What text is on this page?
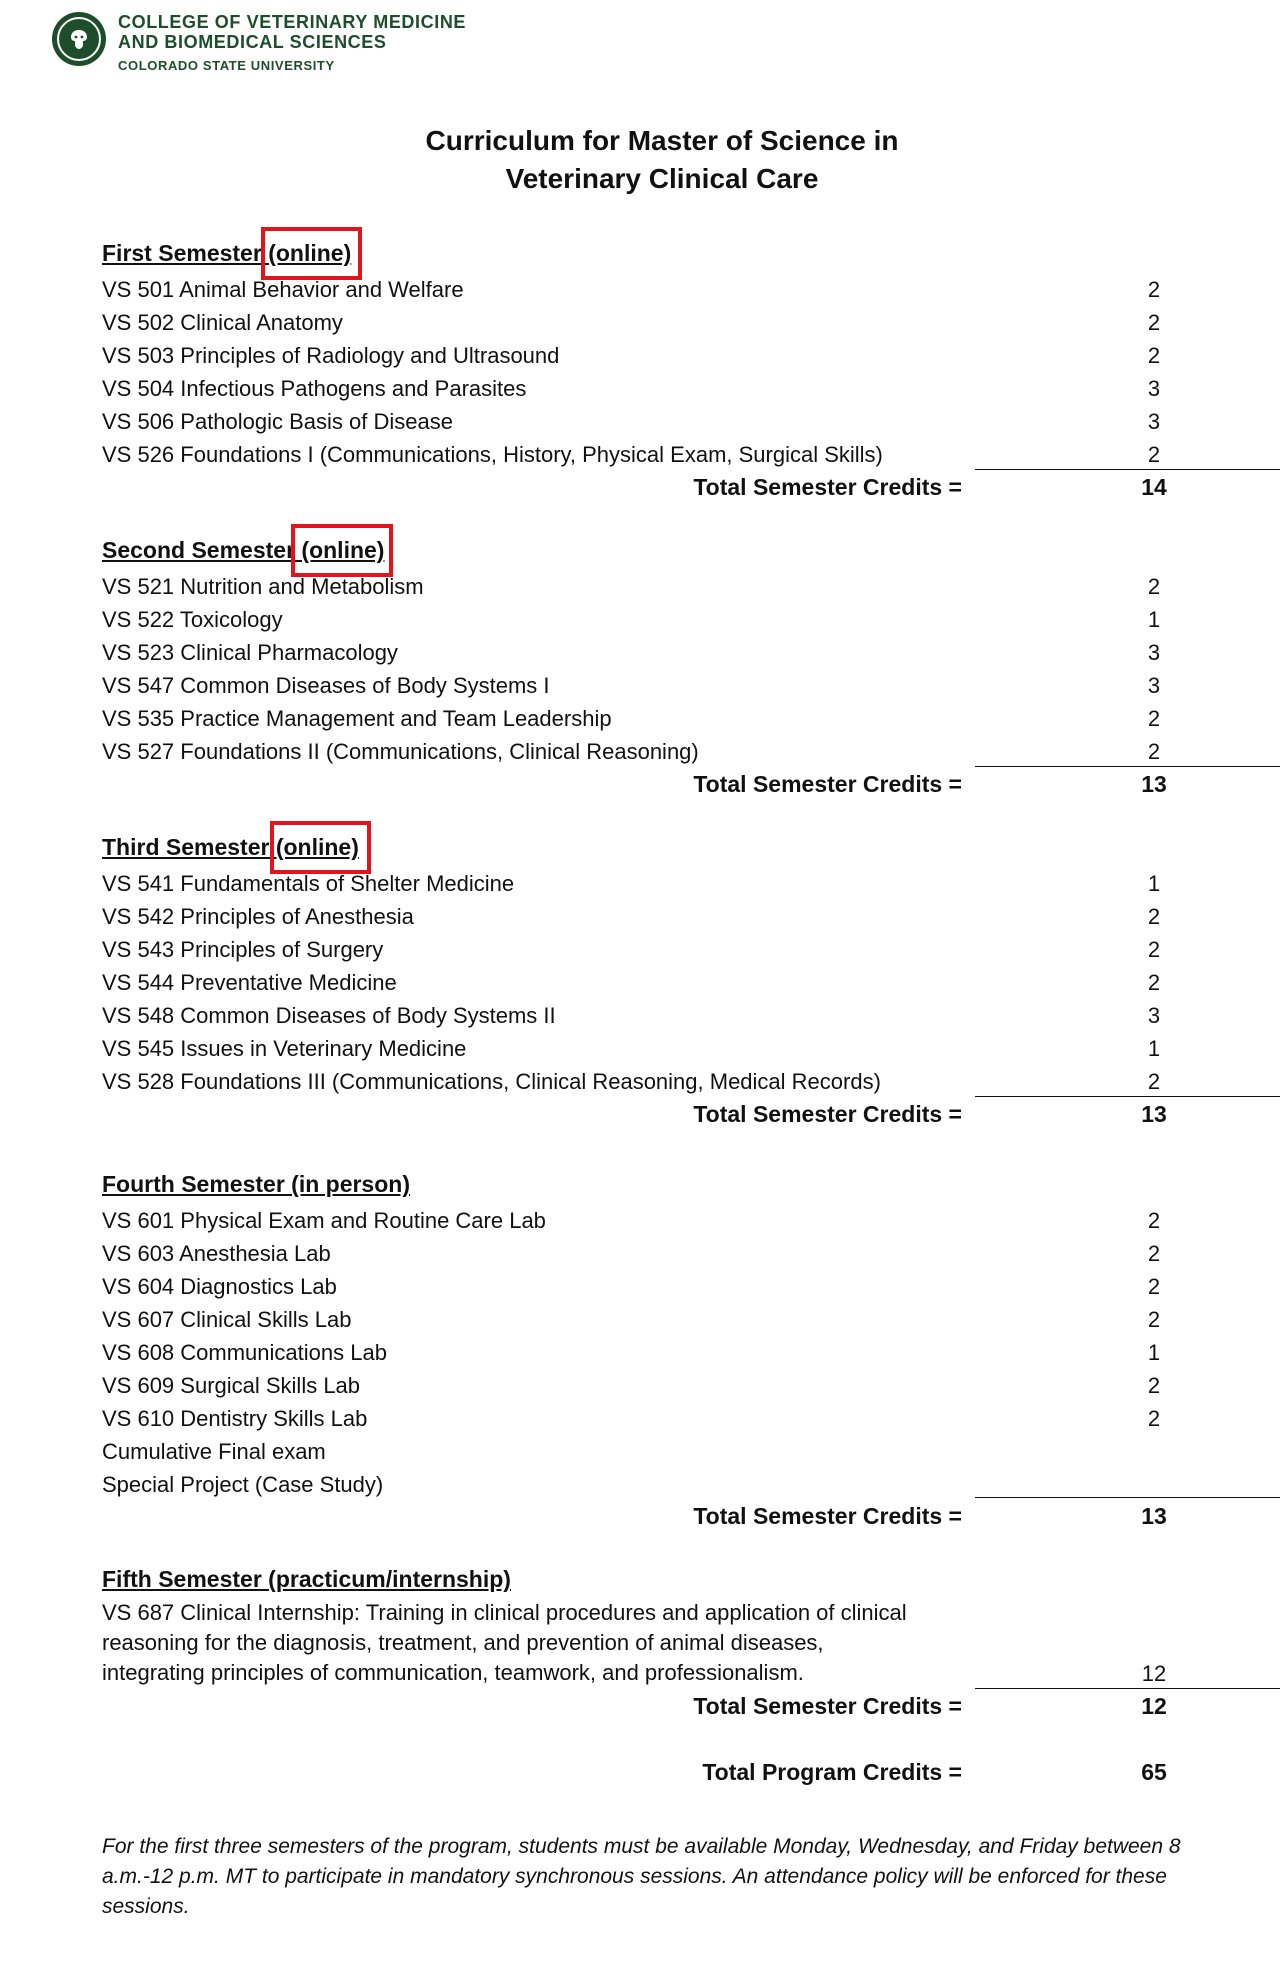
COLLEGE OF VETERINARY MEDICINE
AND BIOMEDICAL SCIENCES
COLORADO STATE UNIVERSITY
Curriculum for Master of Science in
Veterinary Clinical Care
First Semester (online)
VS 501 Animal Behavior and Welfare	2
VS 502 Clinical Anatomy	2
VS 503 Principles of Radiology and Ultrasound	2
VS 504 Infectious Pathogens and Parasites	3
VS 506 Pathologic Basis of Disease	3
VS 526 Foundations I (Communications, History, Physical Exam, Surgical Skills)	2
Total Semester Credits =	14
Second Semester (online)
VS 521 Nutrition and Metabolism	2
VS 522 Toxicology	1
VS 523 Clinical Pharmacology	3
VS 547 Common Diseases of Body Systems I	3
VS 535 Practice Management and Team Leadership	2
VS 527 Foundations II (Communications, Clinical Reasoning)	2
Total Semester Credits =	13
Third Semester (online)
VS 541 Fundamentals of Shelter Medicine	1
VS 542 Principles of Anesthesia	2
VS 543 Principles of Surgery	2
VS 544 Preventative Medicine	2
VS 548 Common Diseases of Body Systems II	3
VS 545 Issues in Veterinary Medicine	1
VS 528 Foundations III (Communications, Clinical Reasoning, Medical Records)	2
Total Semester Credits =	13
Fourth Semester (in person)
VS 601 Physical Exam and Routine Care Lab	2
VS 603 Anesthesia Lab	2
VS 604 Diagnostics Lab	2
VS 607 Clinical Skills Lab	2
VS 608 Communications Lab	1
VS 609 Surgical Skills Lab	2
VS 610 Dentistry Skills Lab	2
Cumulative Final exam
Special Project (Case Study)
Total Semester Credits =	13
Fifth Semester (practicum/internship)
VS 687 Clinical Internship: Training in clinical procedures and application of clinical
reasoning for the diagnosis, treatment, and prevention of animal diseases,
integrating principles of communication, teamwork, and professionalism.	12
Total Semester Credits =	12
Total Program Credits =	65
For the first three semesters of the program, students must be available Monday, Wednesday, and Friday between 8 a.m.-12 p.m. MT to participate in mandatory synchronous sessions. An attendance policy will be enforced for these sessions.
